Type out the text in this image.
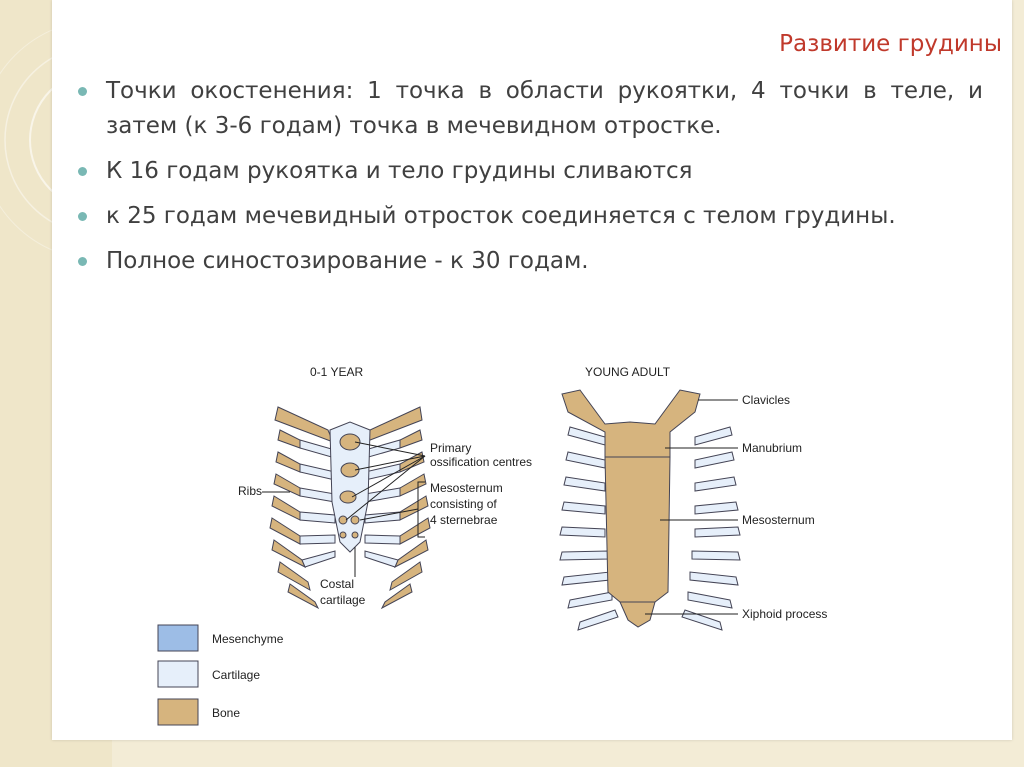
Развитие грудины
Точки окостенения: 1 точка в области рукоятки, 4 точки в теле, и затем (к 3-6 годам) точка в мечевидном отростке.
К 16 годам рукоятка и тело грудины сливаются
к 25 годам мечевидный отросток соединяется с телом грудины.
Полное синостозирование - к 30 годам.
0-1 YEAR
Ribs
Primary
ossification centres
Mesosternum
consisting of
4 sternebrae
Costal
cartilage
YOUNG ADULT
Clavicles
Manubrium
Mesosternum
Xiphoid process
Mesenchyme
Cartilage
Bone
